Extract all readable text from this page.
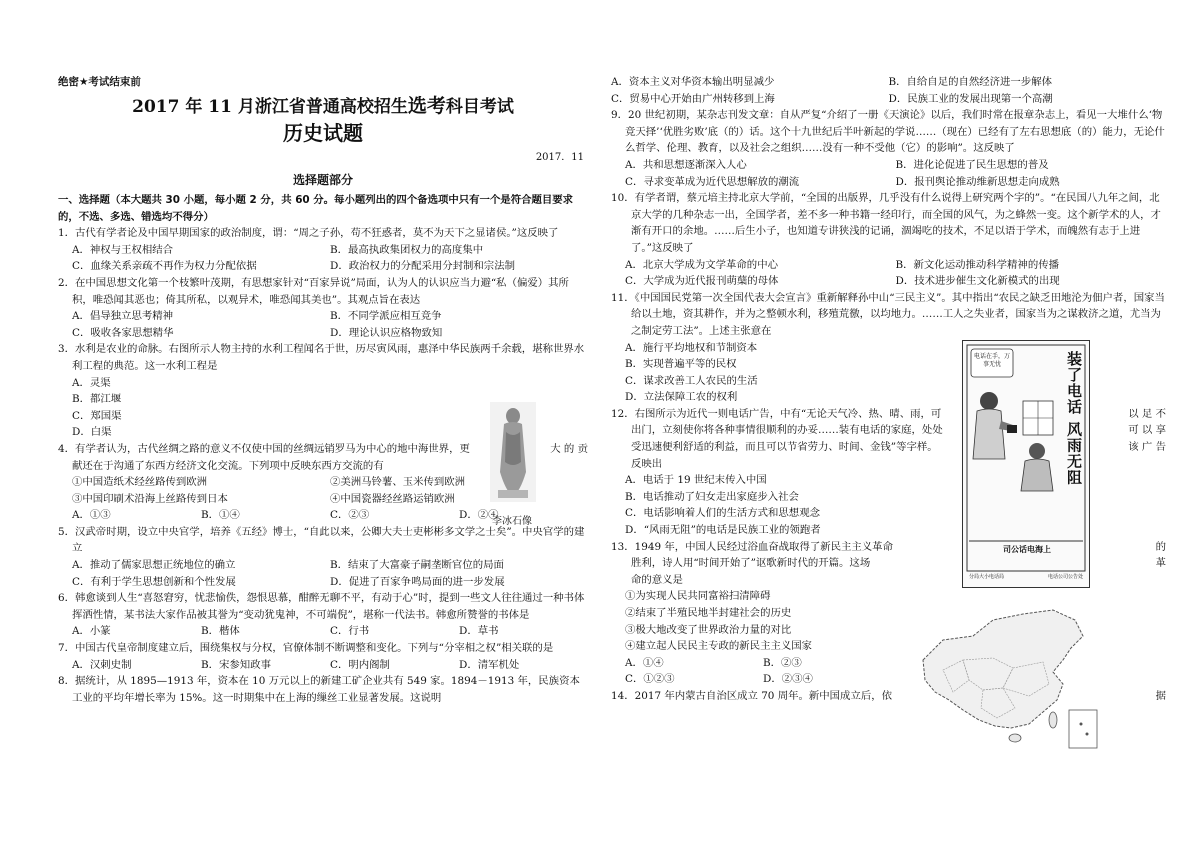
绝密★考试结束前
2017 年 11 月浙江省普通高校招生选考科目考试
历史试题
2017．11
选择题部分
一、选择题（本大题共 30 小题，每小题 2 分，共 60 分。每小题列出的四个备选项中只有一个是符合题目要求的，不选、多选、错选均不得分）
1．古代有学者论及中国早期国家的政治制度，谓：“周之子孙，苟不狂惑者，莫不为天下之显诸侯。”这反映了
A．神权与王权相结合	B．最高执政集团权力的高度集中
C．血缘关系亲疏不再作为权力分配依据	D．政治权力的分配采用分封制和宗法制
2．在中国思想文化第一个枝繁叶茂期，有思想家针对“百家异说”局面，认为人的认识应当力避“私（偏爱）其所积，唯恐闻其恶也；倚其所私，以观异术，唯恐闻其美也”。其观点旨在表达
A．倡导独立思考精神	B．不同学派应相互竞争
C．吸收各家思想精华	D．理论认识应格物致知
3．水利是农业的命脉。右图所示人物主持的水利工程闻名于世，历尽寅风雨，惠泽中华民族两千余载，堪称世界水利工程的典范。这一水利工程是
A．灵渠
B．都江堰
C．郑国渠
D．白渠
4．有学者认为，古代丝绸之路的意义不仅使中国的丝绸远销罗马为中心的地中海世界，更	大 的 贡
献还在于沟通了东西方经济文化交流。下列项中反映东西方交流的有
①中国造纸术经丝路传到欧洲	②美洲马铃薯、玉米传到欧洲
③中国印刷术沿海上丝路传到日本	④中国瓷器经丝路运销欧洲
A．①③	B．①④	C．②③	D．②④
5．汉武帝时期，设立中央官学，培养《五经》博士，“自此以来，公卿大夫士吏彬彬多文学之士矣”。中央官学的建立
A．推动了儒家思想正统地位的确立	B．结束了大富豪子嗣垄断官位的局面
C．有利于学生思想创新和个性发展	D．促进了百家争鸣局面的进一步发展
6．韩愈谈到人生“喜怒窘穷，忧悲愉佚，怨恨思慕，酣醉无聊不平，有动于心”时，提到一些文人往往通过一种书体挥洒性情，某书法大家作品被其誉为“变动犹鬼神，不可端倪”，堪称一代法书。韩愈所赞誉的书体是
A．小篆	B．楷体	C．行书	D．草书
7．中国古代皇帝制度建立后，围绕集权与分权，官僚体制不断调整和变化。下列与“分宰相之权”相关联的是
A．汉刺史制	B．宋参知政事	C．明内阁制	D．清军机处
8．据统计，从 1895—1913 年，资本在 10 万元以上的新建工矿企业共有 549 家。1894－1913 年，民族资本工业的平均年增长率为 15%。这一时期集中在上海的缫丝工业显著发展。这说明
李冰石像
A．资本主义对华资本输出明显减少	B．自给自足的自然经济进一步解体
C．贸易中心开始由广州转移到上海	D．民族工业的发展出现第一个高潮
9．20 世纪初期，某杂志刊发文章：自从严复“介绍了一册《天演论》以后，我们时常在报章杂志上，看见一大堆什么‘物竞天择’‘优胜劣败’底（的）话。这个十九世纪后半叶新起的学说……（现在）已经有了左右思想底（的）能力，无论什么哲学、伦理、教育，以及社会之组织……没有一种不受他（它）的影响”。这反映了
A．共和思想逐渐深入人心	B．进化论促进了民生思想的普及
C．寻求变革成为近代思想解放的潮流	D．报刊舆论推动维新思想走向成熟
10．有学者谓，蔡元培主持北京大学前，“全国的出版界，几乎没有什么说得上研究两个字的”。“在民国八九年之间，北京大学的几种杂志一出，全国学者，差不多一种书籍一经印行，而全国的风气，为之蜂然一变。这个新学术的人，才渐有开口的余地。……后生小子，也知道专讲狭浅的记诵，涸竭吃的技术，不足以语于学术，而魄然有志于上进了。”这反映了
A．北京大学成为文学革命的中心	B．新文化运动推动科学精神的传播
C．大学成为近代报刊萌蘖的母体	D．技术进步催生文化新模式的出现
11．《中国国民党第一次全国代表大会宣言》重新解释孙中山“三民主义”。其中指出“农民之缺乏田地沦为佃户者，国家当给以土地，资其耕作，并为之整顿水利，移殖荒徼，以均地力。……工人之失业者，国家当为之谋救济之道，尤当为之制定劳工法”。上述主张意在
A．施行平均地权和节制资本
B．实现普遍平等的民权
C．谋求改善工人农民的生活
D．立法保障工农的权利
12．右图所示为近代一则电话广告，中有“无论天气冷、热、晴、雨，可	以 足 不
出门，立刻使你将各种事情很顺利的办妥……装有电话的家庭，处处	可 以 享
受迅速便利舒适的利益，而且可以节省劳力、时间、金钱”等字样。	该 广 告
反映出
A．电话于 19 世纪末传入中国
B．电话推动了妇女走出家庭步入社会
C．电话影响着人们的生活方式和思想观念
D．“风雨无阻”的电话是民族工业的领跑者
13．1949 年，中国人民经过浴血奋战取得了新民主主义革命	的
胜利，诗人用“时间开始了”讴歌新时代的开篇。这场	革
命的意义是
①为实现人民共同富裕扫清障碍
②结束了半殖民地半封建社会的历史
③极大地改变了世界政治力量的对比
④建立起人民民主专政的新民主主义国家
A．①④	B．②③
C．①②③	D．②③④
14．2017 年内蒙古自治区成立 70 周年。新中国成立后，依	据
电话在手，万事无忧	装了电话 风雨无阻
司公话电海上
分局大小电话局	电话公司公告处
